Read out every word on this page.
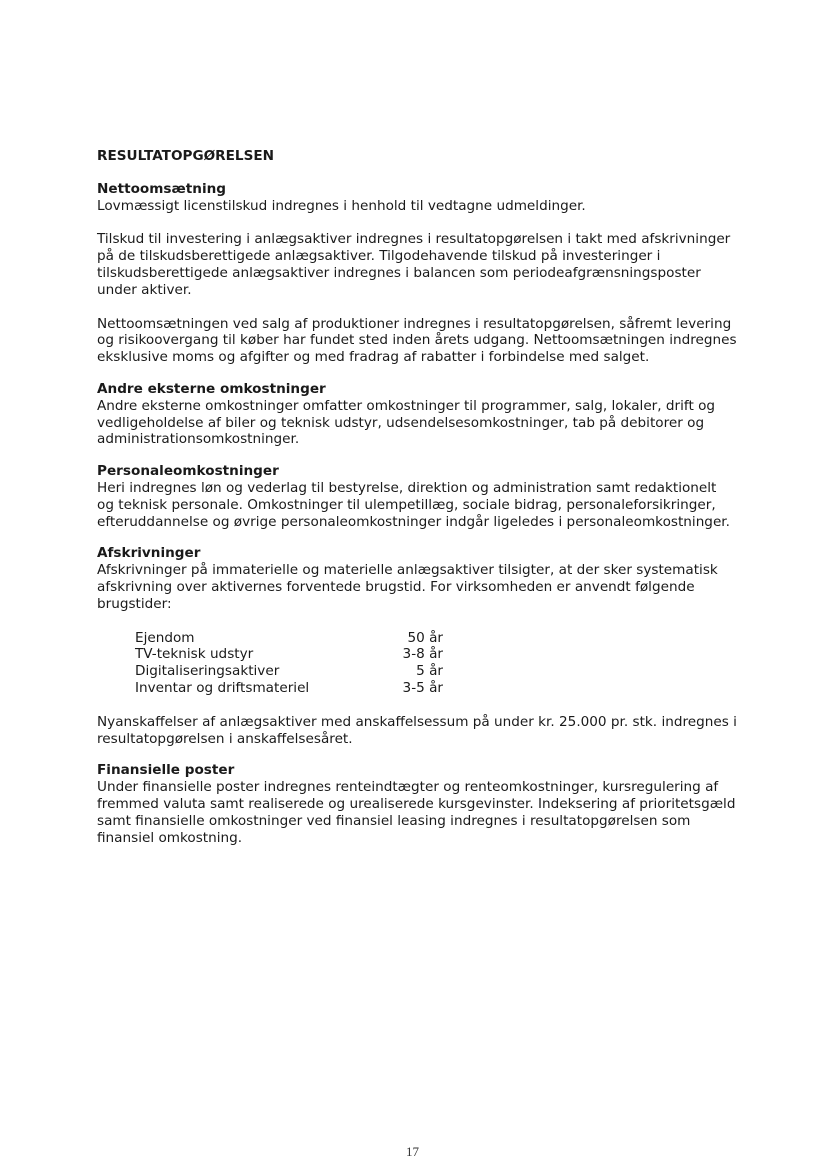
RESULTATOPGØRELSEN
Nettoomsætning

Lovmæssigt licenstilskud indregnes i henhold til vedtagne udmeldinger.

Tilskud til investering i anlægsaktiver indregnes i resultatopgørelsen i takt med afskrivninger på de tilskudsberettigede anlægsaktiver. Tilgodehavende tilskud på investeringer i tilskudsberettigede anlægsaktiver indregnes i balancen som periodeafgrænsningsposter under aktiver.

Nettoomsætningen ved salg af produktioner indregnes i resultatopgørelsen, såfremt levering og risikoovergang til køber har fundet sted inden årets udgang. Nettoomsætningen indregnes eksklusive moms og afgifter og med fradrag af rabatter i forbindelse med salget.

Andre eksterne omkostninger

Andre eksterne omkostninger omfatter omkostninger til programmer, salg, lokaler, drift og vedligeholdelse af biler og teknisk udstyr, udsendelsesomkostninger, tab på debitorer og administrationsomkostninger.

Personaleomkostninger

Heri indregnes løn og vederlag til bestyrelse, direktion og administration samt redaktionelt og teknisk personale. Omkostninger til ulempetillæg, sociale bidrag, personaleforsikringer, efteruddannelse og øvrige personaleomkostninger indgår ligeledes i personaleomkostninger.

Afskrivninger

Afskrivninger på immaterielle og materielle anlægsaktiver tilsigter, at der sker systematisk afskrivning over aktivernes forventede brugstid. For virksomheden er anvendt følgende brugstider:

Ejendom	50 år
TV-teknisk udstyr	3-8 år
Digitaliseringsaktiver	5 år
Inventar og driftsmateriel	3-5 år

Nyanskaffelser af anlægsaktiver med anskaffelsessum på under kr. 25.000 pr. stk. indregnes i resultatopgørelsen i anskaffelsesåret.

Finansielle poster

Under finansielle poster indregnes renteindtægter og renteomkostninger, kursregulering af fremmed valuta samt realiserede og urealiserede kursgevinster. Indeksering af prioritetsgæld samt finansielle omkostninger ved finansiel leasing indregnes i resultatopgørelsen som finansiel omkostning.

17
